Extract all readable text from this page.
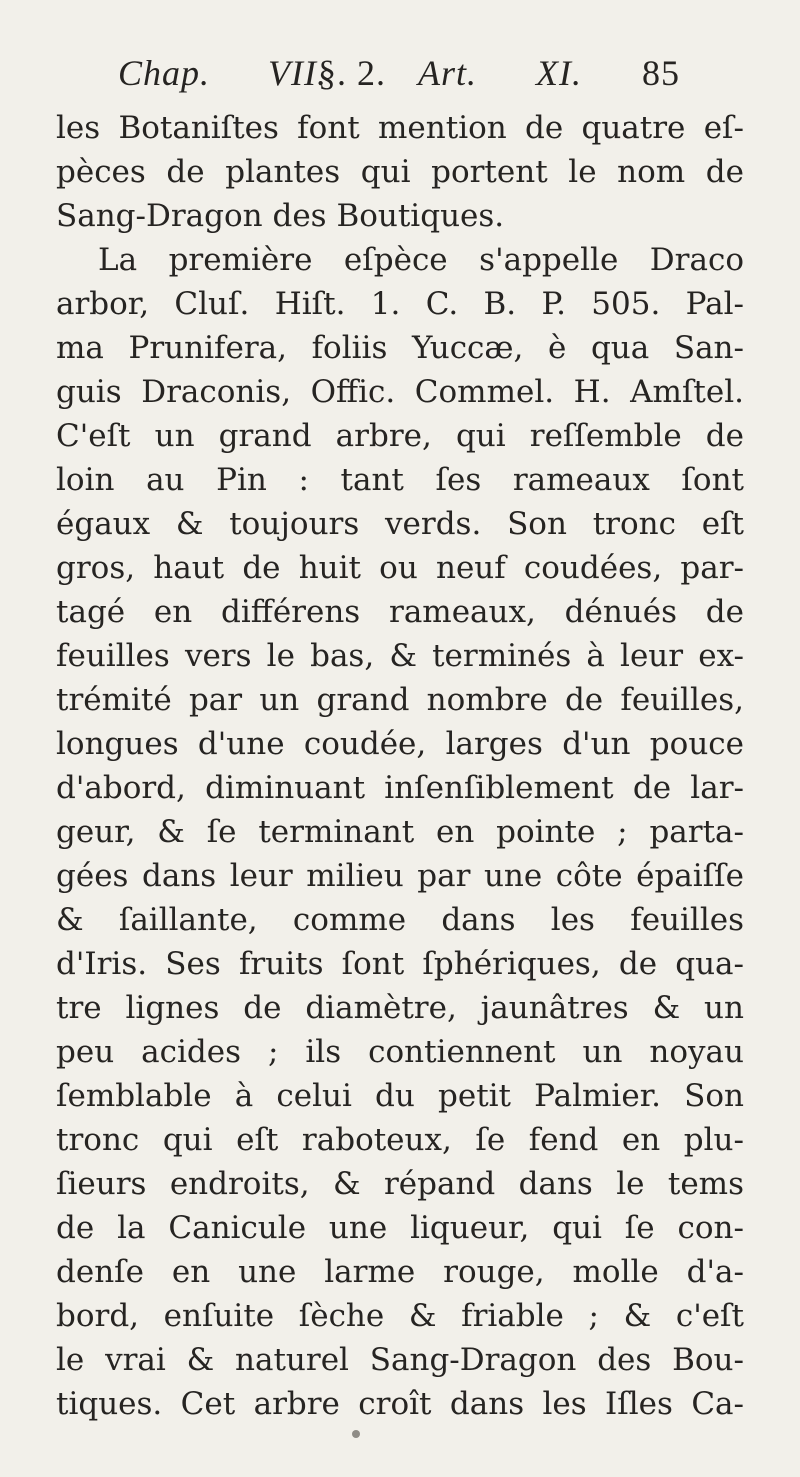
Chap. VII.
§. 2. Art. XI. 85
les Botaniſtes font mention de quatre eſ-
pèces de plantes qui portent le nom de
Sang-Dragon des Boutiques.
La première eſpèce s'appelle Draco
arbor, Cluſ. Hiſt. 1. C. B. P. 505. Pal-
ma Prunifera, foliis Yuccæ, è qua San-
guis Draconis, Offic. Commel. H. Amſtel.
C'eſt un grand arbre, qui reſſemble de
loin au Pin : tant ſes rameaux ſont
égaux & toujours verds. Son tronc eſt
gros, haut de huit ou neuf coudées, par-
tagé en différens rameaux, dénués de
feuilles vers le bas, & terminés à leur ex-
trémité par un grand nombre de feuilles,
longues d'une coudée, larges d'un pouce
d'abord, diminuant inſenſiblement de lar-
geur, & ſe terminant en pointe ; parta-
gées dans leur milieu par une côte épaiſſe
& ſaillante, comme dans les feuilles
d'Iris. Ses fruits ſont ſphériques, de qua-
tre lignes de diamètre, jaunâtres & un
peu acides ; ils contiennent un noyau
ſemblable à celui du petit Palmier. Son
tronc qui eſt raboteux, ſe fend en plu-
ſieurs endroits, & répand dans le tems
de la Canicule une liqueur, qui ſe con-
denſe en une larme rouge, molle d'a-
bord, enſuite ſèche & friable ; & c'eſt
le vrai & naturel Sang-Dragon des Bou-
tiques. Cet arbre croît dans les Iſles Ca-
